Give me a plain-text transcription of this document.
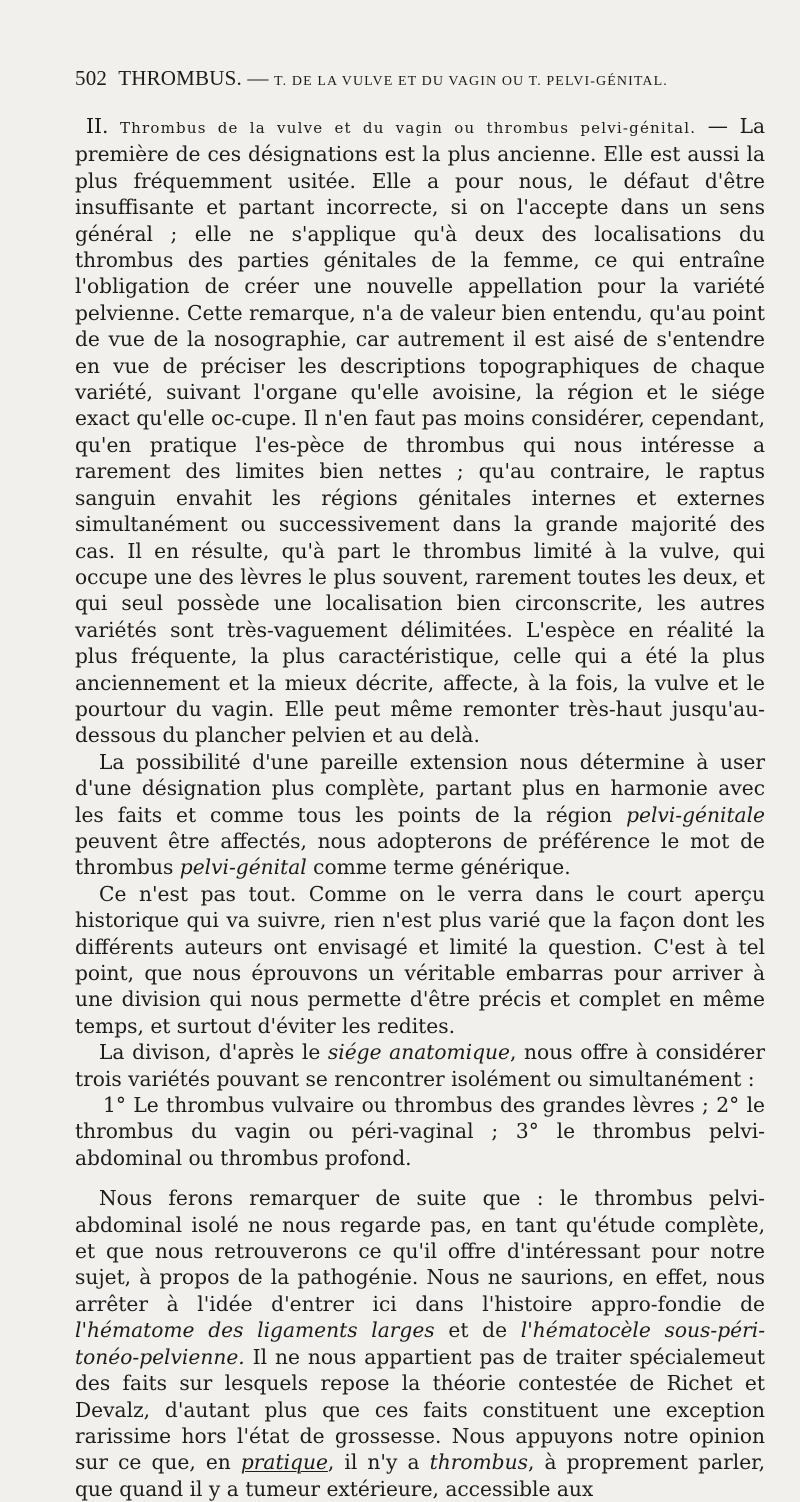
502 THROMBUS. — T. DE LA VULVE ET DU VAGIN OU T. PELVI-GÉNITAL.

II. Thrombus de la vulve et du vagin ou thrombus pelvi-génital. — La première de ces désignations est la plus ancienne. Elle est aussi la plus fréquemment usitée. Elle a pour nous, le défaut d'être insuffisante et partant incorrecte, si on l'accepte dans un sens général ; elle ne s'applique qu'à deux des localisations du thrombus des parties génitales de la femme, ce qui entraîne l'obligation de créer une nouvelle appellation pour la variété pelvienne. Cette remarque, n'a de valeur bien entendu, qu'au point de vue de la nosographie, car autrement il est aisé de s'entendre en vue de préciser les descriptions topographiques de chaque variété, suivant l'organe qu'elle avoisine, la région et le siége exact qu'elle oc-cupe. Il n'en faut pas moins considérer, cependant, qu'en pratique l'es-pèce de thrombus qui nous intéresse a rarement des limites bien nettes ; qu'au contraire, le raptus sanguin envahit les régions génitales internes et externes simultanément ou successivement dans la grande majorité des cas. Il en résulte, qu'à part le thrombus limité à la vulve, qui occupe une des lèvres le plus souvent, rarement toutes les deux, et qui seul possède une localisation bien circonscrite, les autres variétés sont très-vaguement délimitées. L'espèce en réalité la plus fréquente, la plus caractéristique, celle qui a été la plus anciennement et la mieux décrite, affecte, à la fois, la vulve et le pourtour du vagin. Elle peut même remonter très-haut jusqu'au-dessous du plancher pelvien et au delà.

La possibilité d'une pareille extension nous détermine à user d'une désignation plus complète, partant plus en harmonie avec les faits et comme tous les points de la région pelvi-génitale peuvent être affectés, nous adopterons de préférence le mot de thrombus pelvi-génital comme terme générique.

Ce n'est pas tout. Comme on le verra dans le court aperçu historique qui va suivre, rien n'est plus varié que la façon dont les différents auteurs ont envisagé et limité la question. C'est à tel point, que nous éprouvons un véritable embarras pour arriver à une division qui nous permette d'être précis et complet en même temps, et surtout d'éviter les redites.

La divison, d'après le siége anatomique, nous offre à considérer trois variétés pouvant se rencontrer isolément ou simultanément :

1° Le thrombus vulvaire ou thrombus des grandes lèvres ; 2° le thrombus du vagin ou péri-vaginal ; 3° le thrombus pelvi-abdominal ou thrombus profond.

Nous ferons remarquer de suite que : le thrombus pelvi-abdominal isolé ne nous regarde pas, en tant qu'étude complète, et que nous retrouverons ce qu'il offre d'intéressant pour notre sujet, à propos de la pathogénie. Nous ne saurions, en effet, nous arrêter à l'idée d'entrer ici dans l'histoire appro-fondie de l'hématome des ligaments larges et de l'hématocèle sous-péri-tonéo-pelvienne. Il ne nous appartient pas de traiter spécialemeut des faits sur lesquels repose la théorie contestée de Richet et Devalz, d'autant plus que ces faits constituent une exception rarissime hors l'état de grossesse. Nous appuyons notre opinion sur ce que, en pratique, il n'y a thrombus, à proprement parler, que quand il y a tumeur extérieure, accessible aux
